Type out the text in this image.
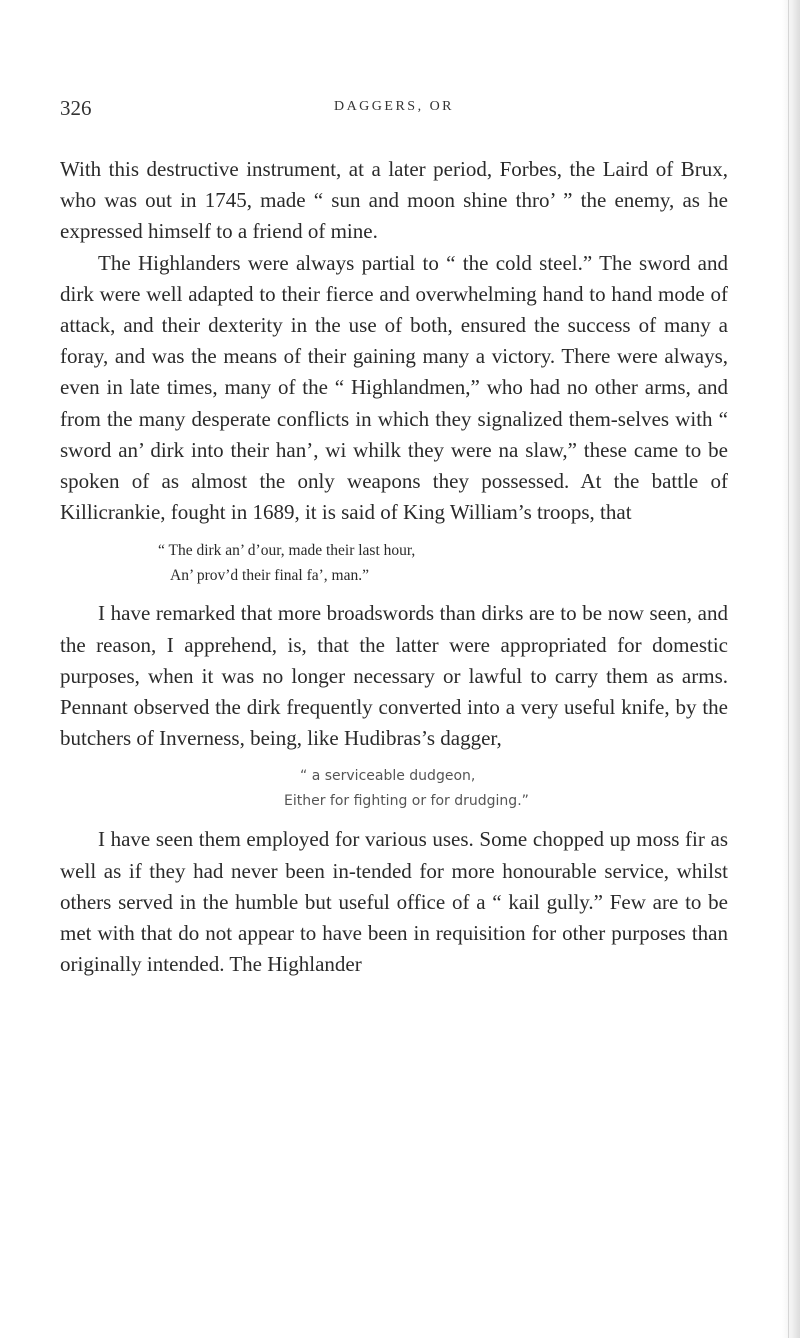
326	DAGGERS, OR

With this destructive instrument, at a later period, Forbes, the Laird of Brux, who was out in 1745, made “ sun and moon shine thro’ ” the enemy, as he expressed himself to a friend of mine.

The Highlanders were always partial to “ the cold steel.” The sword and dirk were well adapted to their fierce and overwhelming hand to hand mode of attack, and their dexterity in the use of both, ensured the success of many a foray, and was the means of their gaining many a victory. There were always, even in late times, many of the “ Highlandmen,” who had no other arms, and from the many desperate conflicts in which they signalized them-selves with “ sword an’ dirk into their han’, wi whilk they were na slaw,” these came to be spoken of as almost the only weapons they possessed. At the battle of Killicrankie, fought in 1689, it is said of King William’s troops, that

“ The dirk an’ d’our, made their last hour,
An’ prov’d their final fa’, man.”

I have remarked that more broadswords than dirks are to be now seen, and the reason, I apprehend, is, that the latter were appropriated for domestic purposes, when it was no longer necessary or lawful to carry them as arms. Pennant observed the dirk frequently converted into a very useful knife, by the butchers of Inverness, being, like Hudibras’s dagger,

“ a serviceable dudgeon,
Either for fighting or for drudging.”

I have seen them employed for various uses. Some chopped up moss fir as well as if they had never been in-tended for more honourable service, whilst others served in the humble but useful office of a “ kail gully.” Few are to be met with that do not appear to have been in requisition for other purposes than originally intended. The Highlander
